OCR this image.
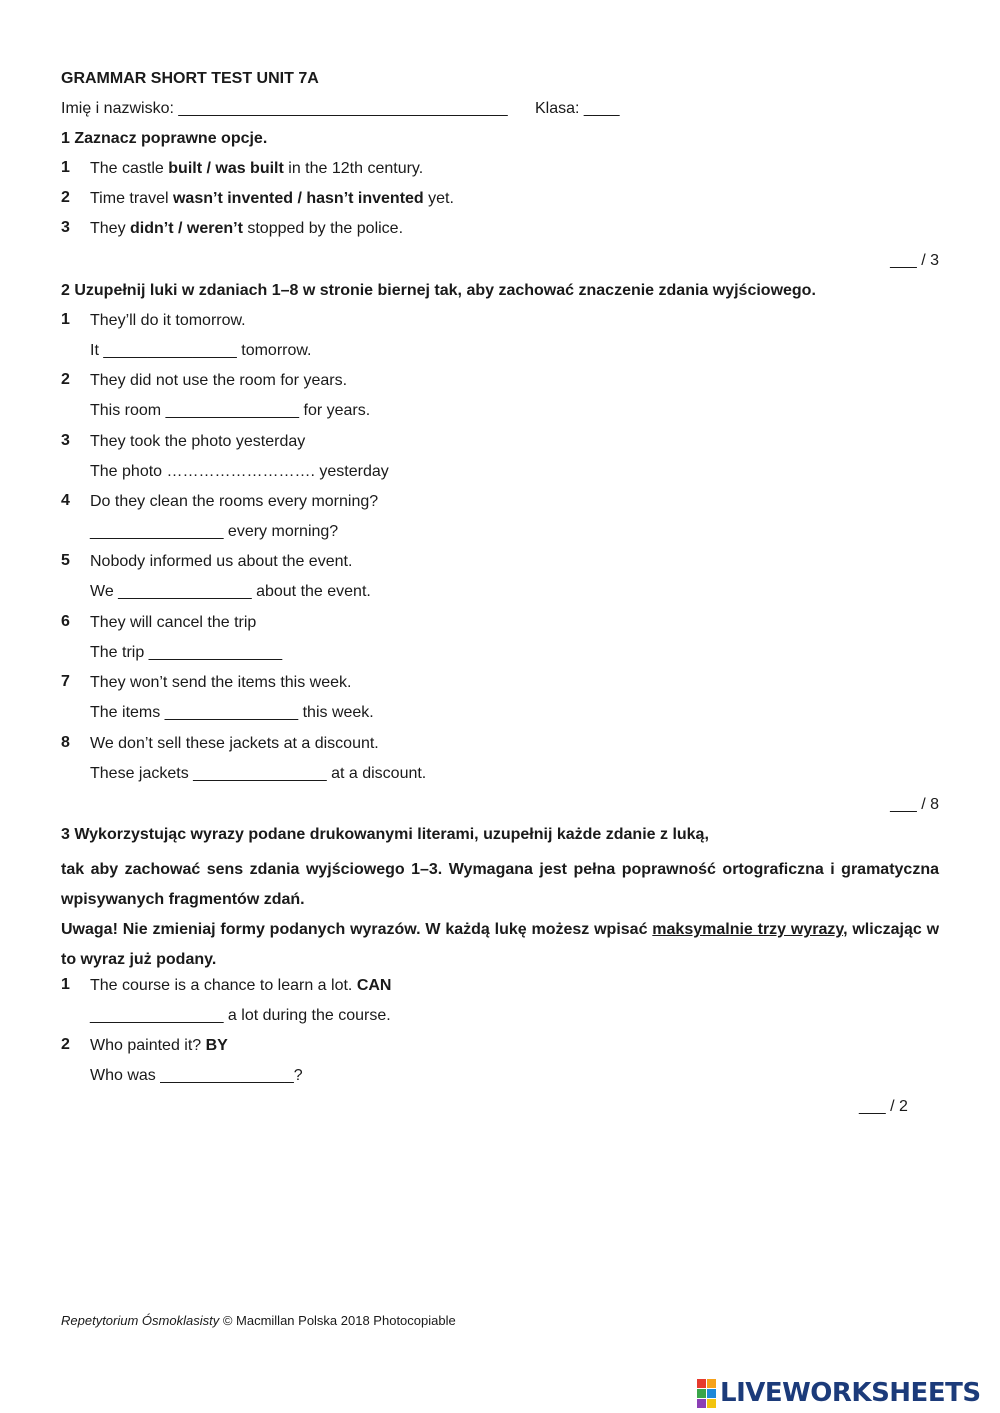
GRAMMAR SHORT TEST UNIT 7A
Imię i nazwisko: _____________________________________ Klasa: ____
1 Zaznacz poprawne opcje.
1	The castle built / was built in the 12th century.
2	Time travel wasn’t invented / hasn’t invented yet.
3	They didn’t / weren’t stopped by the police.
___ / 3
2 Uzupełnij luki w zdaniach 1–8 w stronie biernej tak, aby zachować znaczenie zdania wyjściowego.
1	They’ll do it tomorrow.
It _______________ tomorrow.
2	They did not use the room for years.
This room _______________ for years.
3	They took the photo yesterday
The photo ………………………. yesterday
4	Do they clean the rooms every morning?
_______________ every morning?
5	Nobody informed us about the event.
We _______________ about the event.
6	They will cancel the trip
The trip _______________
7	They won’t send the items this week.
The items _______________ this week.
8	We don’t sell these jackets at a discount.
These jackets _______________ at a discount.
___ / 8
3 Wykorzystując wyrazy podane drukowanymi literami, uzupełnij każde zdanie z luką,
tak aby zachować sens zdania wyjściowego 1–3. Wymagana jest pełna poprawność ortograficzna i gramatyczna wpisywanych fragmentów zdań.
Uwaga! Nie zmieniaj formy podanych wyrazów. W każdą lukę możesz wpisać maksymalnie trzy wyrazy, wliczając w to wyraz już podany.
1	The course is a chance to learn a lot. CAN
_______________ a lot during the course.
2	Who painted it? BY
Who was _______________?
___ / 2
Repetytorium Ósmoklasisty © Macmillan Polska 2018 Photocopiable
LIVEWORKSHEETS
